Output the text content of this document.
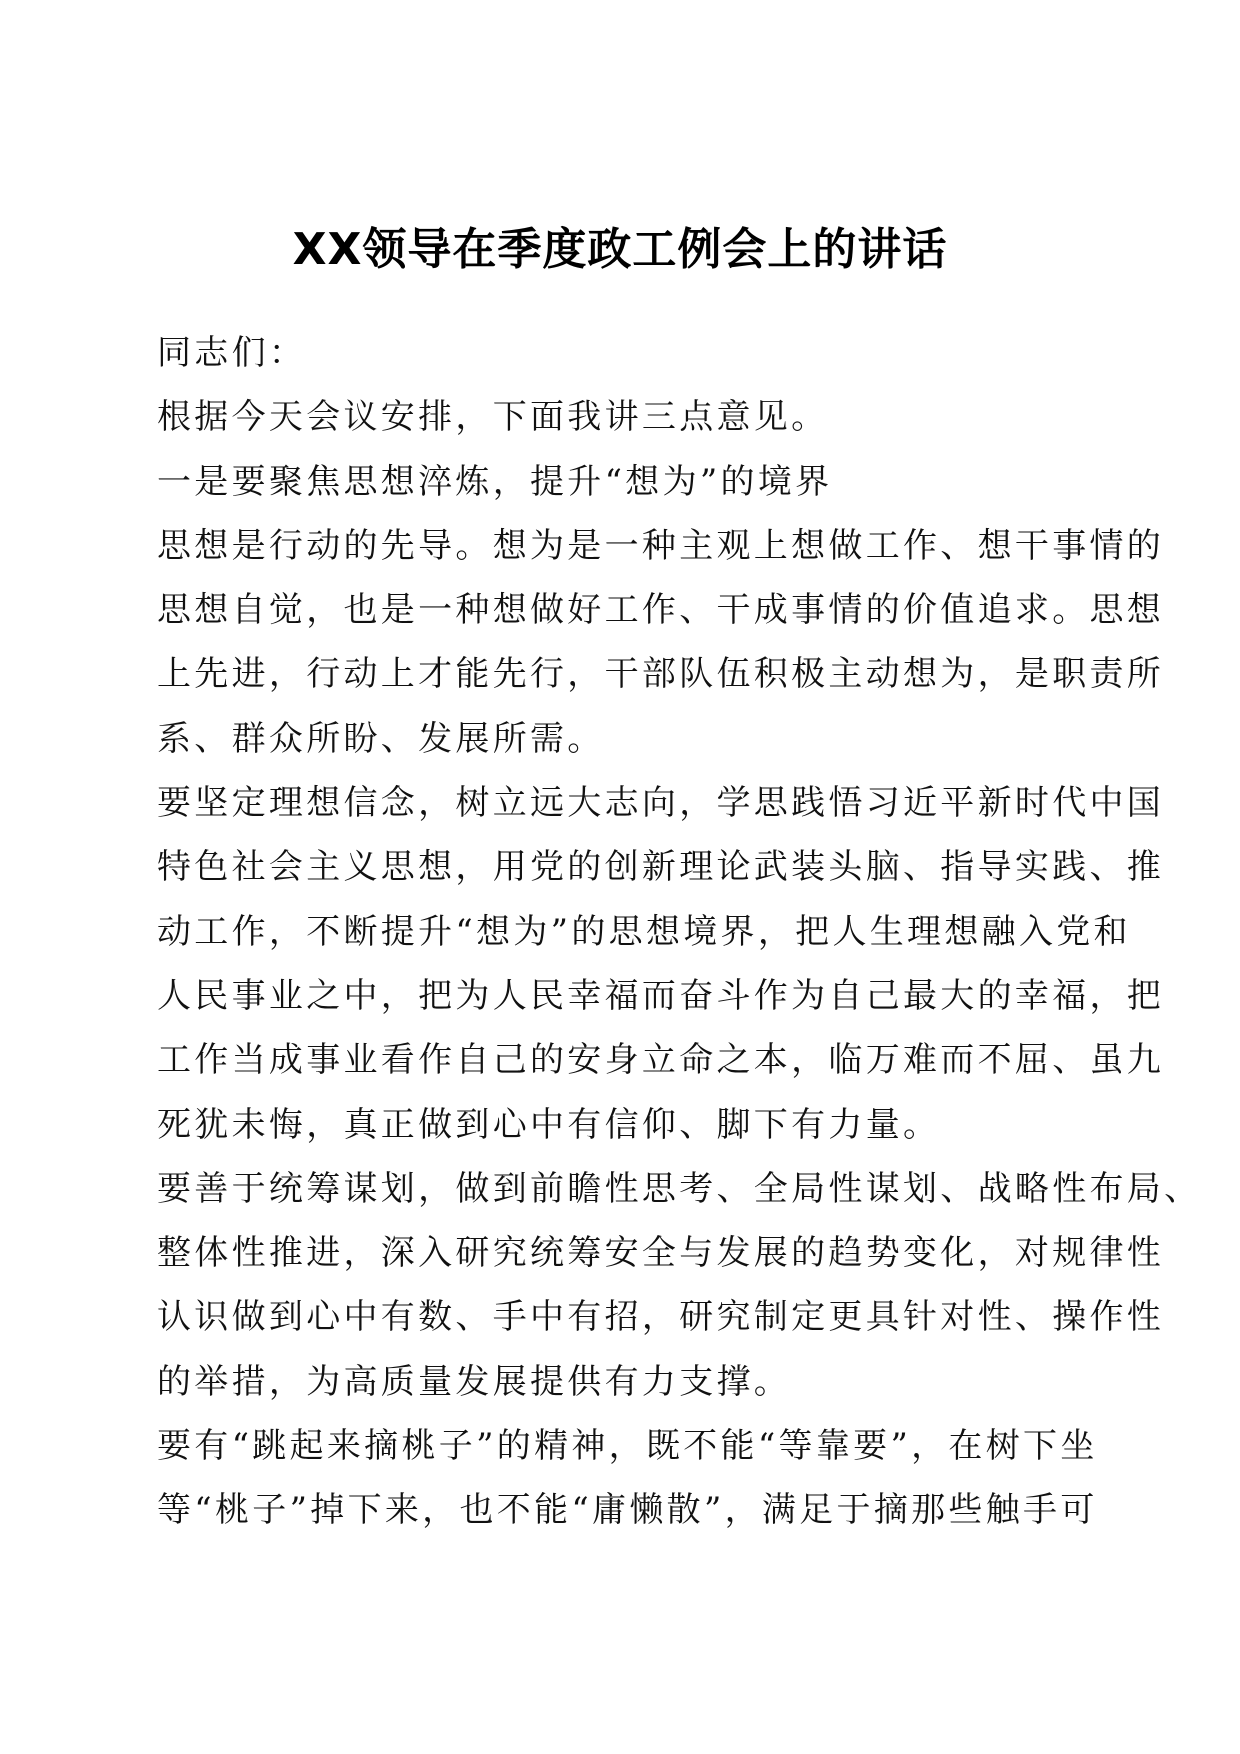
XX领导在季度政工例会上的讲话
同志们：
根据今天会议安排，下面我讲三点意见。
一是要聚焦思想淬炼，提升“想为”的境界
思想是行动的先导。想为是一种主观上想做工作、想干事情的
思想自觉，也是一种想做好工作、干成事情的价值追求。思想
上先进，行动上才能先行，干部队伍积极主动想为，是职责所
系、群众所盼、发展所需。
要坚定理想信念，树立远大志向，学思践悟习近平新时代中国
特色社会主义思想，用党的创新理论武装头脑、指导实践、推
动工作，不断提升“想为”的思想境界，把人生理想融入党和
人民事业之中，把为人民幸福而奋斗作为自己最大的幸福，把
工作当成事业看作自己的安身立命之本，临万难而不屈、虽九
死犹未悔，真正做到心中有信仰、脚下有力量。
要善于统筹谋划，做到前瞻性思考、全局性谋划、战略性布局、
整体性推进，深入研究统筹安全与发展的趋势变化，对规律性
认识做到心中有数、手中有招，研究制定更具针对性、操作性
的举措，为高质量发展提供有力支撑。
要有“跳起来摘桃子”的精神，既不能“等靠要”，在树下坐
等“桃子”掉下来，也不能“庸懒散”，满足于摘那些触手可
